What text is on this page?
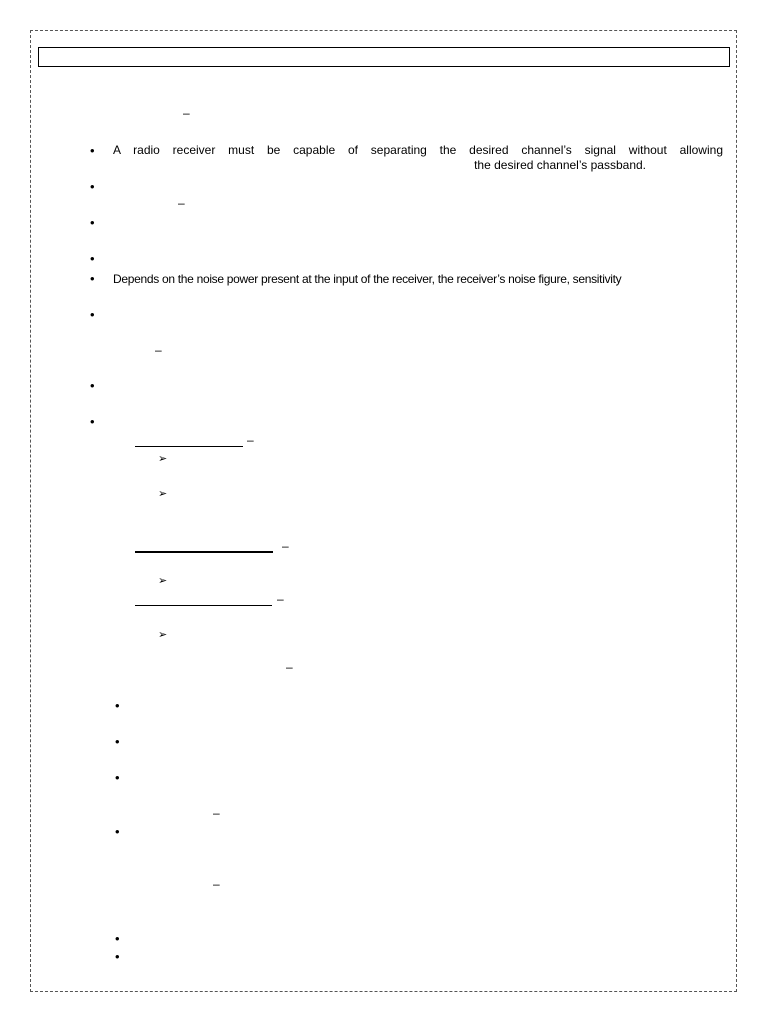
–
• A radio receiver must be capable of separating the desired channel’s signal without allowing
the desired channel’s passband.
•
–
•
•
• Depends on the noise power present at the input of the receiver, the receiver’s noise figure, sensitivity
•
–
•
•
–
➢
➢
–
➢
–
➢
–
•
•
•
–
•
–
•
•
